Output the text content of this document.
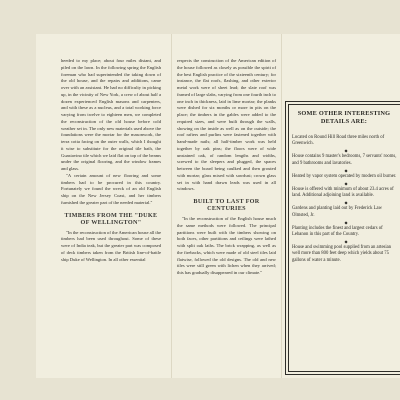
heeded to my place; about four miles distant, and piled on the lawn. In the following spring the English foreman who had superintended the taking down of the old house, and the repairs and additions, came over with an assistant. He had no difficulty in picking up, in the vicinity of New York, a crew of about half a dozen experienced English masons and carpenters, and with these as a nucleus, and a total working force varying from twelve to eighteen men, we completed the reconstruction of the old house before cold weather set in. The only new materials used above the foundations were the mortar for the masonwork, the terra cotta facing on the outer walls, which I thought it wise to substitute for the original tile bath, the Guastavino tile which we laid flat on top of the beams under the original flooring, and the window frames and glass.

"A certain amount of new flooring and some timbers had to be procured in this country. Fortunately we found the wreck of an old English ship on the New Jersey Coast, and her timbers furnished the greater part of the needed material."

TIMBERS FROM THE "DUKE OF WELLINGTON"

"In the reconstruction of the American house all the timbers had been used throughout. Some of these were of India teak, but the greater part was composed of deck timbers taken from the British line-of-battle ship Duke of Wellington. In all other essential

respects the construction of the American edition of the house followed as closely as possible the spirit of the best English practice of the sixteenth century; for instance, the flat roofs, flashing, and other exterior metal work were of sheet lead; the slate roof was framed of large slabs, varying from one fourth inch to one inch in thickness, laid in lime mortar; the planks were dished for six months or more in pits on the place; the timbers in the gables were added to the required sizes, and were built through the walls, showing on the inside as well as on the outside; the roof rafters and purlins were fastened together with hand-made nails; all half-timber work was held together by oak pins; the floors were of wide unstained oak, of random lengths and widths, screwed to the sleepers and plugged, the spaces between the board being caulked and then grouted with mortar; glass mixed with sawdust; crown glass set in with hand drawn leads was used in all windows.

BUILT TO LAST FOR CENTURIES

"In the reconstruction of the English house much the same methods were followed. The principal partitions were built with the timbers showing on both faces, other partitions and ceilings were lathed with split oak laths. The brick wrapping, as well as the firebacks, which were made of old steel tiles laid flatwise, followed the old designs. The old and new tiles were still green with lichen when they arrived; this has gradually disappeared in our climate."

SOME OTHER INTERESTING DETAILS ARE:

Located on Round Hill Road three miles north of Greenwich.

◆

House contains 9 master's bedrooms, 7 servants' rooms, and 9 bathrooms and lavatories.

◆

Heated by vapor system operated by modern oil burner.

◆

House is offered with minimum of about 23.4 acres of land. Additional adjoining land is available.

◆

Gardens and planting laid out by Frederick Law Olmsted, Jr.

◆

Planting includes the finest and largest cedars of Lebanon in this part of the Country.

◆

House and swimming pool supplied from an artesian well more than 800 feet deep which yields about 75 gallons of water a minute.
